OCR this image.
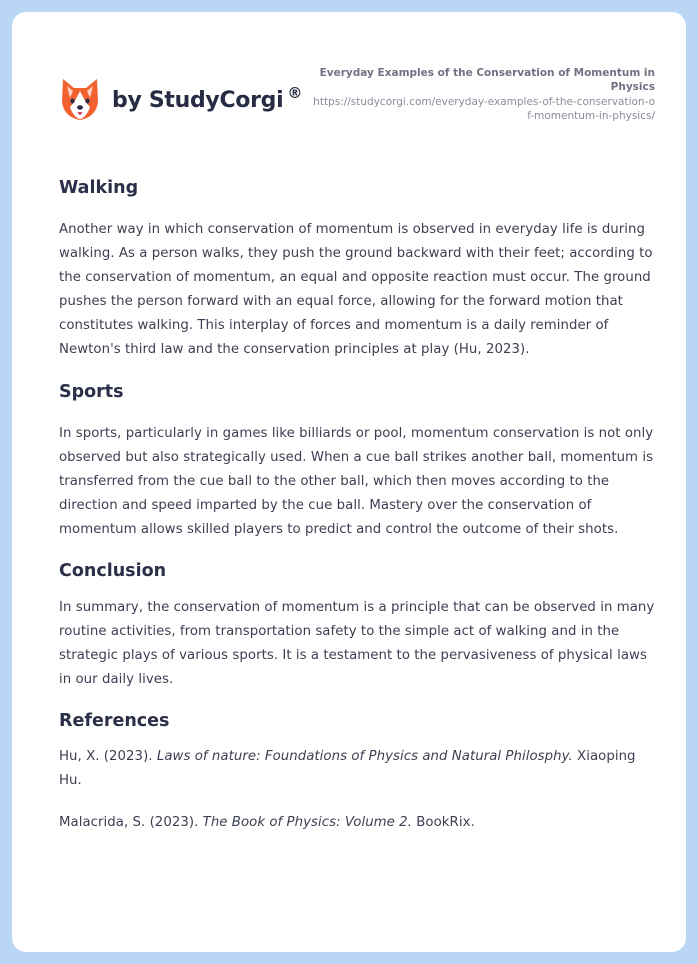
by StudyCorgi ®
Everyday Examples of the Conservation of Momentum in Physics
https://studycorgi.com/everyday-examples-of-the-conservation-of-momentum-in-physics/
Walking

Another way in which conservation of momentum is observed in everyday life is during walking. As a person walks, they push the ground backward with their feet; according to the conservation of momentum, an equal and opposite reaction must occur. The ground pushes the person forward with an equal force, allowing for the forward motion that constitutes walking. This interplay of forces and momentum is a daily reminder of Newton's third law and the conservation principles at play (Hu, 2023).

Sports

In sports, particularly in games like billiards or pool, momentum conservation is not only observed but also strategically used. When a cue ball strikes another ball, momentum is transferred from the cue ball to the other ball, which then moves according to the direction and speed imparted by the cue ball. Mastery over the conservation of momentum allows skilled players to predict and control the outcome of their shots.

Conclusion

In summary, the conservation of momentum is a principle that can be observed in many routine activities, from transportation safety to the simple act of walking and in the strategic plays of various sports. It is a testament to the pervasiveness of physical laws in our daily lives.

References

Hu, X. (2023). Laws of nature: Foundations of Physics and Natural Philosphy. Xiaoping Hu.

Malacrida, S. (2023). The Book of Physics: Volume 2. BookRix.
